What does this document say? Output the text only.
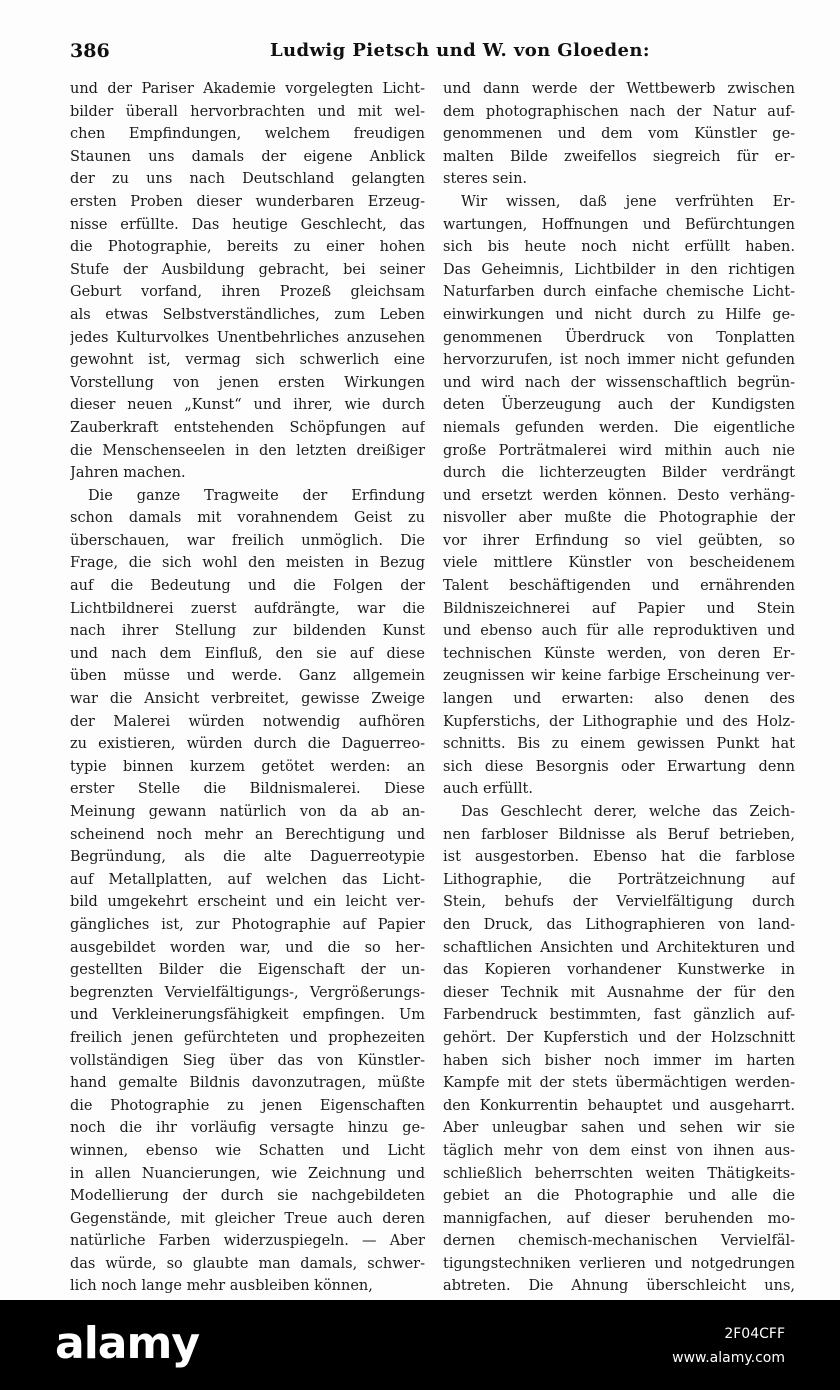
386	Ludwig Pietsch und W. von Gloeden:
und der Pariser Akademie vorgelegten Licht-
bilder überall hervorbrachten und mit wel-
chen Empfindungen, welchem freudigen
Staunen uns damals der eigene Anblick
der zu uns nach Deutschland gelangten
ersten Proben dieser wunderbaren Erzeug-
nisse erfüllte. Das heutige Geschlecht, das
die Photographie, bereits zu einer hohen
Stufe der Ausbildung gebracht, bei seiner
Geburt vorfand, ihren Prozeß gleichsam
als etwas Selbstverständliches, zum Leben
jedes Kulturvolkes Unentbehrliches anzusehen
gewohnt ist, vermag sich schwerlich eine
Vorstellung von jenen ersten Wirkungen
dieser neuen „Kunst“ und ihrer, wie durch
Zauberkraft entstehenden Schöpfungen auf
die Menschenseelen in den letzten dreißiger
Jahren machen.
Die ganze Tragweite der Erfindung
schon damals mit vorahnendem Geist zu
überschauen, war freilich unmöglich. Die
Frage, die sich wohl den meisten in Bezug
auf die Bedeutung und die Folgen der
Lichtbildnerei zuerst aufdrängte, war die
nach ihrer Stellung zur bildenden Kunst
und nach dem Einfluß, den sie auf diese
üben müsse und werde. Ganz allgemein
war die Ansicht verbreitet, gewisse Zweige
der Malerei würden notwendig aufhören
zu existieren, würden durch die Daguerreo-
typie binnen kurzem getötet werden: an
erster Stelle die Bildnismalerei. Diese
Meinung gewann natürlich von da ab an-
scheinend noch mehr an Berechtigung und
Begründung, als die alte Daguerreotypie
auf Metallplatten, auf welchen das Licht-
bild umgekehrt erscheint und ein leicht ver-
gängliches ist, zur Photographie auf Papier
ausgebildet worden war, und die so her-
gestellten Bilder die Eigenschaft der un-
begrenzten Vervielfältigungs-, Vergrößerungs-
und Verkleinerungsfähigkeit empfingen. Um
freilich jenen gefürchteten und prophezeiten
vollständigen Sieg über das von Künstler-
hand gemalte Bildnis davonzutragen, müßte
die Photographie zu jenen Eigenschaften
noch die ihr vorläufig versagte hinzu ge-
winnen, ebenso wie Schatten und Licht
in allen Nuancierungen, wie Zeichnung und
Modellierung der durch sie nachgebildeten
Gegenstände, mit gleicher Treue auch deren
natürliche Farben widerzuspiegeln. — Aber
das würde, so glaubte man damals, schwer-
lich noch lange mehr ausbleiben können,
und dann werde der Wettbewerb zwischen
dem photographischen nach der Natur auf-
genommenen und dem vom Künstler ge-
malten Bilde zweifellos siegreich für er-
steres sein.
Wir wissen, daß jene verfrühten Er-
wartungen, Hoffnungen und Befürchtungen
sich bis heute noch nicht erfüllt haben.
Das Geheimnis, Lichtbilder in den richtigen
Naturfarben durch einfache chemische Licht-
einwirkungen und nicht durch zu Hilfe ge-
genommenen Überdruck von Tonplatten
hervorzurufen, ist noch immer nicht gefunden
und wird nach der wissenschaftlich begrün-
deten Überzeugung auch der Kundigsten
niemals gefunden werden. Die eigentliche
große Porträtmalerei wird mithin auch nie
durch die lichterzeugten Bilder verdrängt
und ersetzt werden können. Desto verhäng-
nisvoller aber mußte die Photographie der
vor ihrer Erfindung so viel geübten, so
viele mittlere Künstler von bescheidenem
Talent beschäftigenden und ernährenden
Bildniszeichnerei auf Papier und Stein
und ebenso auch für alle reproduktiven und
technischen Künste werden, von deren Er-
zeugnissen wir keine farbige Erscheinung ver-
langen und erwarten: also denen des
Kupferstichs, der Lithographie und des Holz-
schnitts. Bis zu einem gewissen Punkt hat
sich diese Besorgnis oder Erwartung denn
auch erfüllt.
Das Geschlecht derer, welche das Zeich-
nen farbloser Bildnisse als Beruf betrieben,
ist ausgestorben. Ebenso hat die farblose
Lithographie, die Porträtzeichnung auf
Stein, behufs der Vervielfältigung durch
den Druck, das Lithographieren von land-
schaftlichen Ansichten und Architekturen und
das Kopieren vorhandener Kunstwerke in
dieser Technik mit Ausnahme der für den
Farbendruck bestimmten, fast gänzlich auf-
gehört. Der Kupferstich und der Holzschnitt
haben sich bisher noch immer im harten
Kampfe mit der stets übermächtigen werden-
den Konkurrentin behauptet und ausgeharrt.
Aber unleugbar sahen und sehen wir sie
täglich mehr von dem einst von ihnen aus-
schließlich beherrschten weiten Thätigkeits-
gebiet an die Photographie und alle die
mannigfachen, auf dieser beruhenden mo-
dernen chemisch-mechanischen Vervielfäl-
tigungstechniken verlieren und notgedrungen
abtreten. Die Ahnung überschleicht uns,
alamy	2F04CFF
www.alamy.com
